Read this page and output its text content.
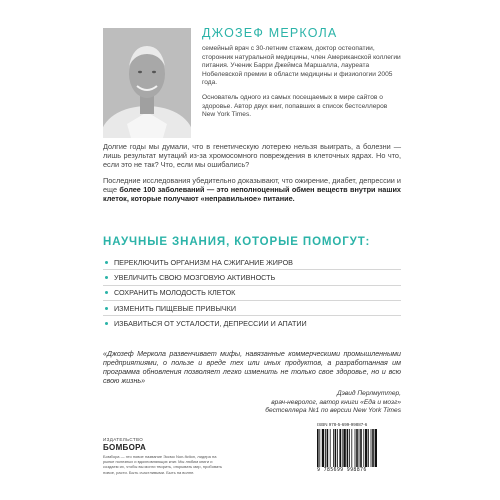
ДЖОЗЕФ МЕРКОЛА

семейный врач с 30-летним стажем, доктор остеопатии, сторонник натуральной медицины, член Американской коллегии питания. Ученик Барри Джеймса Маршалла, лауреата Нобелевской премии в области медицины и физиологии 2005 года.

Основатель одного из самых посещаемых в мире сайтов о здоровье. Автор двух книг, попавших в список бестселлеров New York Times.

Долгие годы мы думали, что в генетическую лотерею нельзя выиграть, а болезни — лишь результат мутаций из-за хромосомного повреждения в клеточных ядрах. Но что, если это не так? Что, если мы ошибались?

Последние исследования убедительно доказывают, что ожирение, диабет, депрессии и еще более 100 заболеваний — это неполноценный обмен веществ внутри наших клеток, которые получают «неправильное» питание.

НАУЧНЫЕ ЗНАНИЯ, КОТОРЫЕ ПОМОГУТ:
ПЕРЕКЛЮЧИТЬ ОРГАНИЗМ НА СЖИГАНИЕ ЖИРОВ
УВЕЛИЧИТЬ СВОЮ МОЗГОВУЮ АКТИВНОСТЬ
СОХРАНИТЬ МОЛОДОСТЬ КЛЕТОК
ИЗМЕНИТЬ ПИЩЕВЫЕ ПРИВЫЧКИ
ИЗБАВИТЬСЯ ОТ УСТАЛОСТИ, ДЕПРЕССИИ И АПАТИИ
«Джозеф Меркола развенчивает мифы, навязанные коммерческими промышленными предприятиями, о пользе и вреде тех или иных продуктов, а разработанная им программа обновления позволяет легко изменить не только свое здоровье, но и всю свою жизнь»
Дэвид Перлмуттер,
врач-невролог, автор книги «Еда и мозг»
бестселлера №1 по версии New York Times
ИЗДАТЕЛЬСТВО
БОМБОРА
Бомбора — это новое название Эксмо Non-fiction, лидера на рынке полезных и вдохновляющих книг. Мы любим книги и создаем их, чтобы вы могли творить, открывать мир, пробовать новое, расти. Быть счастливыми. Быть на волне.
ISBN 978-5-699-99887-6
9 785699 998876
